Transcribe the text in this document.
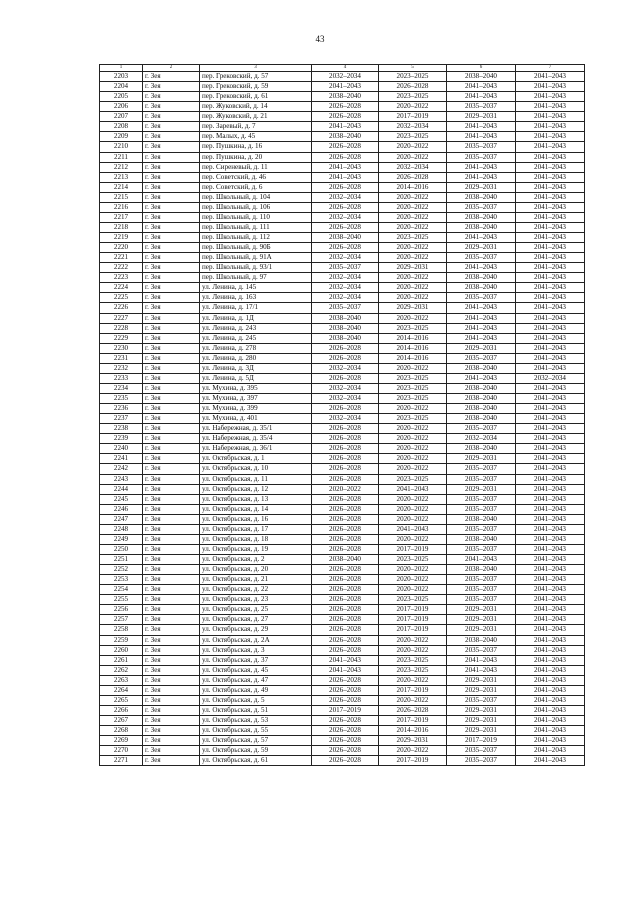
43
1	2	3	4	5	6	7
2203	г. Зея	пер. Грековский, д. 57	2032–2034	2023–2025	2038–2040	2041–2043
2204	г. Зея	пер. Грековский, д. 59	2041–2043	2026–2028	2041–2043	2041–2043
2205	г. Зея	пер. Грековский, д. 61	2038–2040	2023–2025	2041–2043	2041–2043
2206	г. Зея	пер. Жуковский, д. 14	2026–2028	2020–2022	2035–2037	2041–2043
2207	г. Зея	пер. Жуковский, д. 21	2026–2028	2017–2019	2029–2031	2041–2043
2208	г. Зея	пер. Заревый, д. 7	2041–2043	2032–2034	2041–2043	2041–2043
2209	г. Зея	пер. Малых, д. 45	2038–2040	2023–2025	2041–2043	2041–2043
2210	г. Зея	пер. Пушкина, д. 16	2026–2028	2020–2022	2035–2037	2041–2043
2211	г. Зея	пер. Пушкина, д. 20	2026–2028	2020–2022	2035–2037	2041–2043
2212	г. Зея	пер. Сиреневый, д. 11	2041–2043	2032–2034	2041–2043	2041–2043
2213	г. Зея	пер. Советский, д. 46	2041–2043	2026–2028	2041–2043	2041–2043
2214	г. Зея	пер. Советский, д. 6	2026–2028	2014–2016	2029–2031	2041–2043
2215	г. Зея	пер. Школьный, д. 104	2032–2034	2020–2022	2038–2040	2041–2043
2216	г. Зея	пер. Школьный, д. 106	2026–2028	2020–2022	2035–2037	2041–2043
2217	г. Зея	пер. Школьный, д. 110	2032–2034	2020–2022	2038–2040	2041–2043
2218	г. Зея	пер. Школьный, д. 111	2026–2028	2020–2022	2038–2040	2041–2043
2219	г. Зея	пер. Школьный, д. 112	2038–2040	2023–2025	2041–2043	2041–2043
2220	г. Зея	пер. Школьный, д. 90Б	2026–2028	2020–2022	2029–2031	2041–2043
2221	г. Зея	пер. Школьный, д. 91А	2032–2034	2020–2022	2035–2037	2041–2043
2222	г. Зея	пер. Школьный, д. 93/1	2035–2037	2029–2031	2041–2043	2041–2043
2223	г. Зея	пер. Школьный, д. 97	2032–2034	2020–2022	2038–2040	2041–2043
2224	г. Зея	ул. Ленина, д. 145	2032–2034	2020–2022	2038–2040	2041–2043
2225	г. Зея	ул. Ленина, д. 163	2032–2034	2020–2022	2035–2037	2041–2043
2226	г. Зея	ул. Ленина, д. 17/1	2035–2037	2029–2031	2041–2043	2041–2043
2227	г. Зея	ул. Ленина, д. 1Д	2038–2040	2020–2022	2041–2043	2041–2043
2228	г. Зея	ул. Ленина, д. 243	2038–2040	2023–2025	2041–2043	2041–2043
2229	г. Зея	ул. Ленина, д. 245	2038–2040	2014–2016	2041–2043	2041–2043
2230	г. Зея	ул. Ленина, д. 278	2026–2028	2014–2016	2029–2031	2041–2043
2231	г. Зея	ул. Ленина, д. 280	2026–2028	2014–2016	2035–2037	2041–2043
2232	г. Зея	ул. Ленина, д. 3Д	2032–2034	2020–2022	2038–2040	2041–2043
2233	г. Зея	ул. Ленина, д. 5Д	2026–2028	2023–2025	2041–2043	2032–2034
2234	г. Зея	ул. Мухина, д. 395	2032–2034	2023–2025	2038–2040	2041–2043
2235	г. Зея	ул. Мухина, д. 397	2032–2034	2023–2025	2038–2040	2041–2043
2236	г. Зея	ул. Мухина, д. 399	2026–2028	2020–2022	2038–2040	2041–2043
2237	г. Зея	ул. Мухина, д. 401	2032–2034	2023–2025	2038–2040	2041–2043
2238	г. Зея	ул. Набережная, д. 35/1	2026–2028	2020–2022	2035–2037	2041–2043
2239	г. Зея	ул. Набережная, д. 35/4	2026–2028	2020–2022	2032–2034	2041–2043
2240	г. Зея	ул. Набережная, д. 36/1	2026–2028	2020–2022	2038–2040	2041–2043
2241	г. Зея	ул. Октябрьская, д. 1	2026–2028	2020–2022	2029–2031	2041–2043
2242	г. Зея	ул. Октябрьская, д. 10	2026–2028	2020–2022	2035–2037	2041–2043
2243	г. Зея	ул. Октябрьская, д. 11	2026–2028	2023–2025	2035–2037	2041–2043
2244	г. Зея	ул. Октябрьская, д. 12	2020–2022	2041–2043	2029–2031	2041–2043
2245	г. Зея	ул. Октябрьская, д. 13	2026–2028	2020–2022	2035–2037	2041–2043
2246	г. Зея	ул. Октябрьская, д. 14	2026–2028	2020–2022	2035–2037	2041–2043
2247	г. Зея	ул. Октябрьская, д. 16	2026–2028	2020–2022	2038–2040	2041–2043
2248	г. Зея	ул. Октябрьская, д. 17	2026–2028	2041–2043	2035–2037	2041–2043
2249	г. Зея	ул. Октябрьская, д. 18	2026–2028	2020–2022	2038–2040	2041–2043
2250	г. Зея	ул. Октябрьская, д. 19	2026–2028	2017–2019	2035–2037	2041–2043
2251	г. Зея	ул. Октябрьская, д. 2	2038–2040	2023–2025	2041–2043	2041–2043
2252	г. Зея	ул. Октябрьская, д. 20	2026–2028	2020–2022	2038–2040	2041–2043
2253	г. Зея	ул. Октябрьская, д. 21	2026–2028	2020–2022	2035–2037	2041–2043
2254	г. Зея	ул. Октябрьская, д. 22	2026–2028	2020–2022	2035–2037	2041–2043
2255	г. Зея	ул. Октябрьская, д. 23	2026–2028	2023–2025	2035–2037	2041–2043
2256	г. Зея	ул. Октябрьская, д. 25	2026–2028	2017–2019	2029–2031	2041–2043
2257	г. Зея	ул. Октябрьская, д. 27	2026–2028	2017–2019	2029–2031	2041–2043
2258	г. Зея	ул. Октябрьская, д. 29	2026–2028	2017–2019	2029–2031	2041–2043
2259	г. Зея	ул. Октябрьская, д. 2А	2026–2028	2020–2022	2038–2040	2041–2043
2260	г. Зея	ул. Октябрьская, д. 3	2026–2028	2020–2022	2035–2037	2041–2043
2261	г. Зея	ул. Октябрьская, д. 37	2041–2043	2023–2025	2041–2043	2041–2043
2262	г. Зея	ул. Октябрьская, д. 45	2041–2043	2023–2025	2041–2043	2041–2043
2263	г. Зея	ул. Октябрьская, д. 47	2026–2028	2020–2022	2029–2031	2041–2043
2264	г. Зея	ул. Октябрьская, д. 49	2026–2028	2017–2019	2029–2031	2041–2043
2265	г. Зея	ул. Октябрьская, д. 5	2026–2028	2020–2022	2035–2037	2041–2043
2266	г. Зея	ул. Октябрьская, д. 51	2017–2019	2026–2028	2029–2031	2041–2043
2267	г. Зея	ул. Октябрьская, д. 53	2026–2028	2017–2019	2029–2031	2041–2043
2268	г. Зея	ул. Октябрьская, д. 55	2026–2028	2014–2016	2029–2031	2041–2043
2269	г. Зея	ул. Октябрьская, д. 57	2026–2028	2029–2031	2017–2019	2041–2043
2270	г. Зея	ул. Октябрьская, д. 59	2026–2028	2020–2022	2035–2037	2041–2043
2271	г. Зея	ул. Октябрьская, д. 61	2026–2028	2017–2019	2035–2037	2041–2043
